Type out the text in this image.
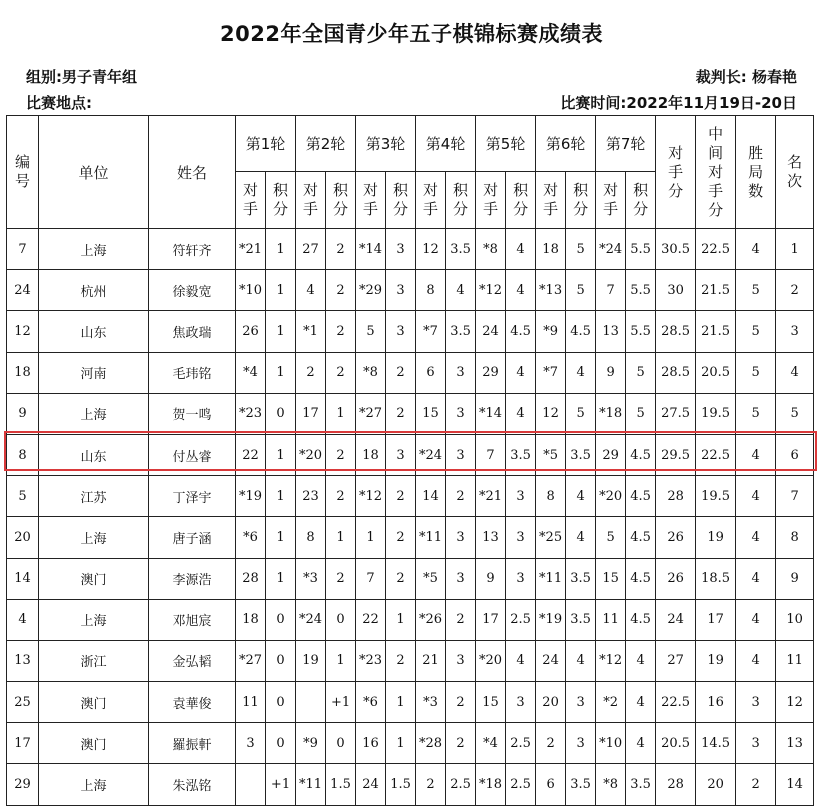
2022年全国青少年五子棋锦标赛成绩表
组别:男子青年组	裁判长: 杨春艳
比赛地点:	比赛时间:2022年11月19日-20日
编号	单位	姓名	第1轮		第2轮		第3轮		第4轮		第5轮		第6轮		第7轮		对手分	中间对手分	胜局数	名次
			对手	积分	对手	积分	对手	积分	对手	积分	对手	积分	对手	积分	对手	积分				
7	上海	符轩齐	*21	1	27	2	*14	3	12	3.5	*8	4	18	5	*24	5.5	30.5	22.5	4	1
24	杭州	徐毅宽	*10	1	4	2	*29	3	8	4	*12	4	*13	5	7	5.5	30	21.5	5	2
12	山东	焦政瑞	26	1	*1	2	5	3	*7	3.5	24	4.5	*9	4.5	13	5.5	28.5	21.5	5	3
18	河南	毛玮铭	*4	1	2	2	*8	2	6	3	29	4	*7	4	9	5	28.5	20.5	5	4
9	上海	贺一鸣	*23	0	17	1	*27	2	15	3	*14	4	12	5	*18	5	27.5	19.5	5	5
8	山东	付丛睿	22	1	*20	2	18	3	*24	3	7	3.5	*5	3.5	29	4.5	29.5	22.5	4	6
5	江苏	丁泽宇	*19	1	23	2	*12	2	14	2	*21	3	8	4	*20	4.5	28	19.5	4	7
20	上海	唐子涵	*6	1	8	1	1	2	*11	3	13	3	*25	4	5	4.5	26	19	4	8
14	澳门	李源浩	28	1	*3	2	7	2	*5	3	9	3	*11	3.5	15	4.5	26	18.5	4	9
4	上海	邓旭宸	18	0	*24	0	22	1	*26	2	17	2.5	*19	3.5	11	4.5	24	17	4	10
13	浙江	金弘韬	*27	0	19	1	*23	2	21	3	*20	4	24	4	*12	4	27	19	4	11
25	澳门	袁華俊	11	0		+1	*6	1	*3	2	15	3	20	3	*2	4	22.5	16	3	12
17	澳门	羅振軒	3	0	*9	0	16	1	*28	2	*4	2.5	2	3	*10	4	20.5	14.5	3	13
29	上海	朱泓铭		+1	*11	1.5	24	1.5	2	2.5	*18	2.5	6	3.5	*8	3.5	28	20	2	14
